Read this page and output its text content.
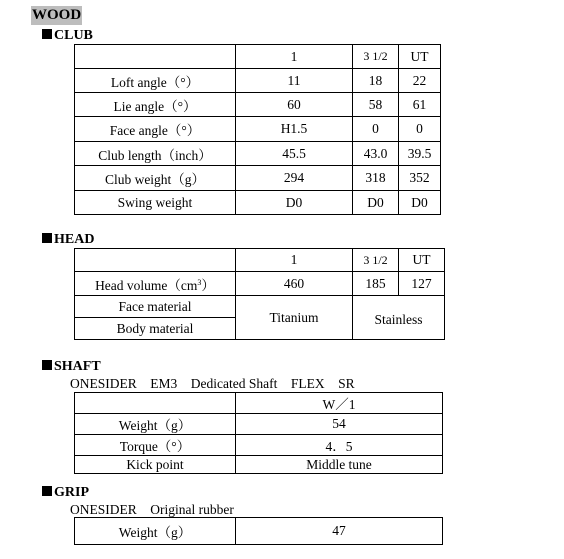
WOOD
CLUB
	1	3 1/2	UT
Loft angle（°）	11	18	22
Lie angle（°）	60	58	61
Face angle（°）	H1.5	0	0
Club length（inch）	45.5	43.0	39.5
Club weight（g）	294	318	352
Swing weight	D0	D0	D0
HEAD
	1	3 1/2	UT
Head $volume(cm^3)$	460	185	127
Face material	Titanium	Stainless	
Body material			
SHAFT
ONESIDER　EM3　Dedicated Shaft　FLEX　SR
	W／1
Weight（g）	54
Torque（°）	4．5
Kick point	Middle tune
GRIP
ONESIDER　Original rubber
Weight（g）	47
